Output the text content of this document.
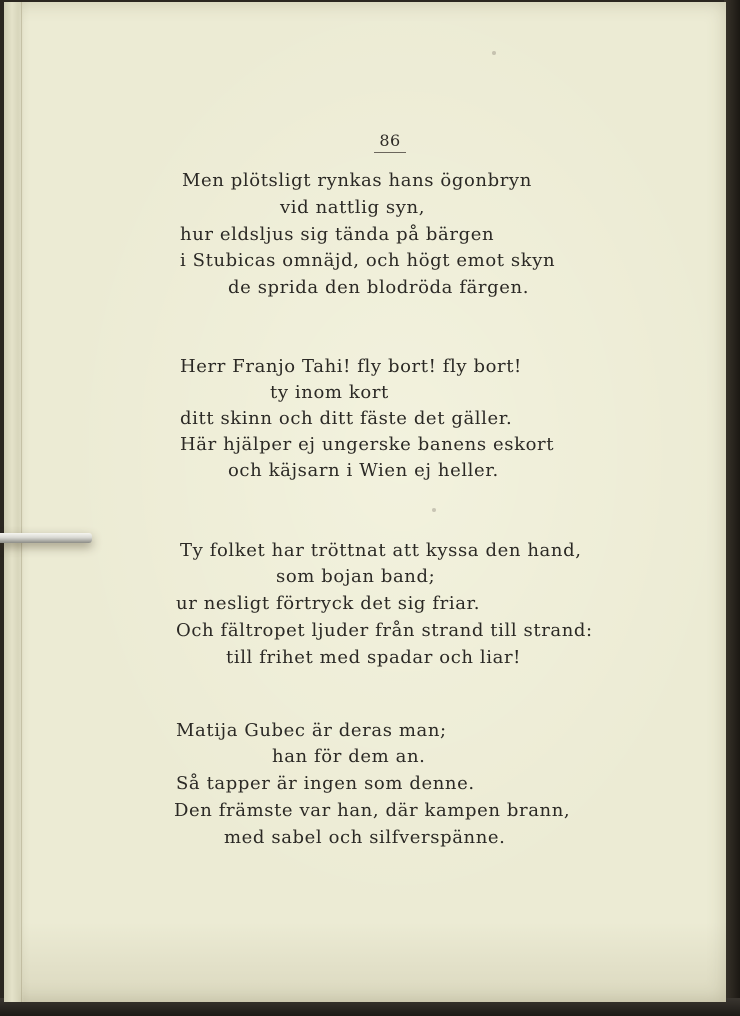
86
Men plötsligt rynkas hans ögonbryn
vid nattlig syn,
hur eldsljus sig tända på bärgen
i Stubicas omnäjd, och högt emot skyn
de sprida den blodröda färgen.
Herr Franjo Tahi! fly bort! fly bort!
ty inom kort
ditt skinn och ditt fäste det gäller.
Här hjälper ej ungerske banens eskort
och käjsarn i Wien ej heller.
Ty folket har tröttnat att kyssa den hand,
som bojan band;
ur nesligt förtryck det sig friar.
Och fältropet ljuder från strand till strand:
till frihet med spadar och liar!
Matija Gubec är deras man;
han för dem an.
Så tapper är ingen som denne.
Den främste var han, där kampen brann,
med sabel och silfverspänne.
